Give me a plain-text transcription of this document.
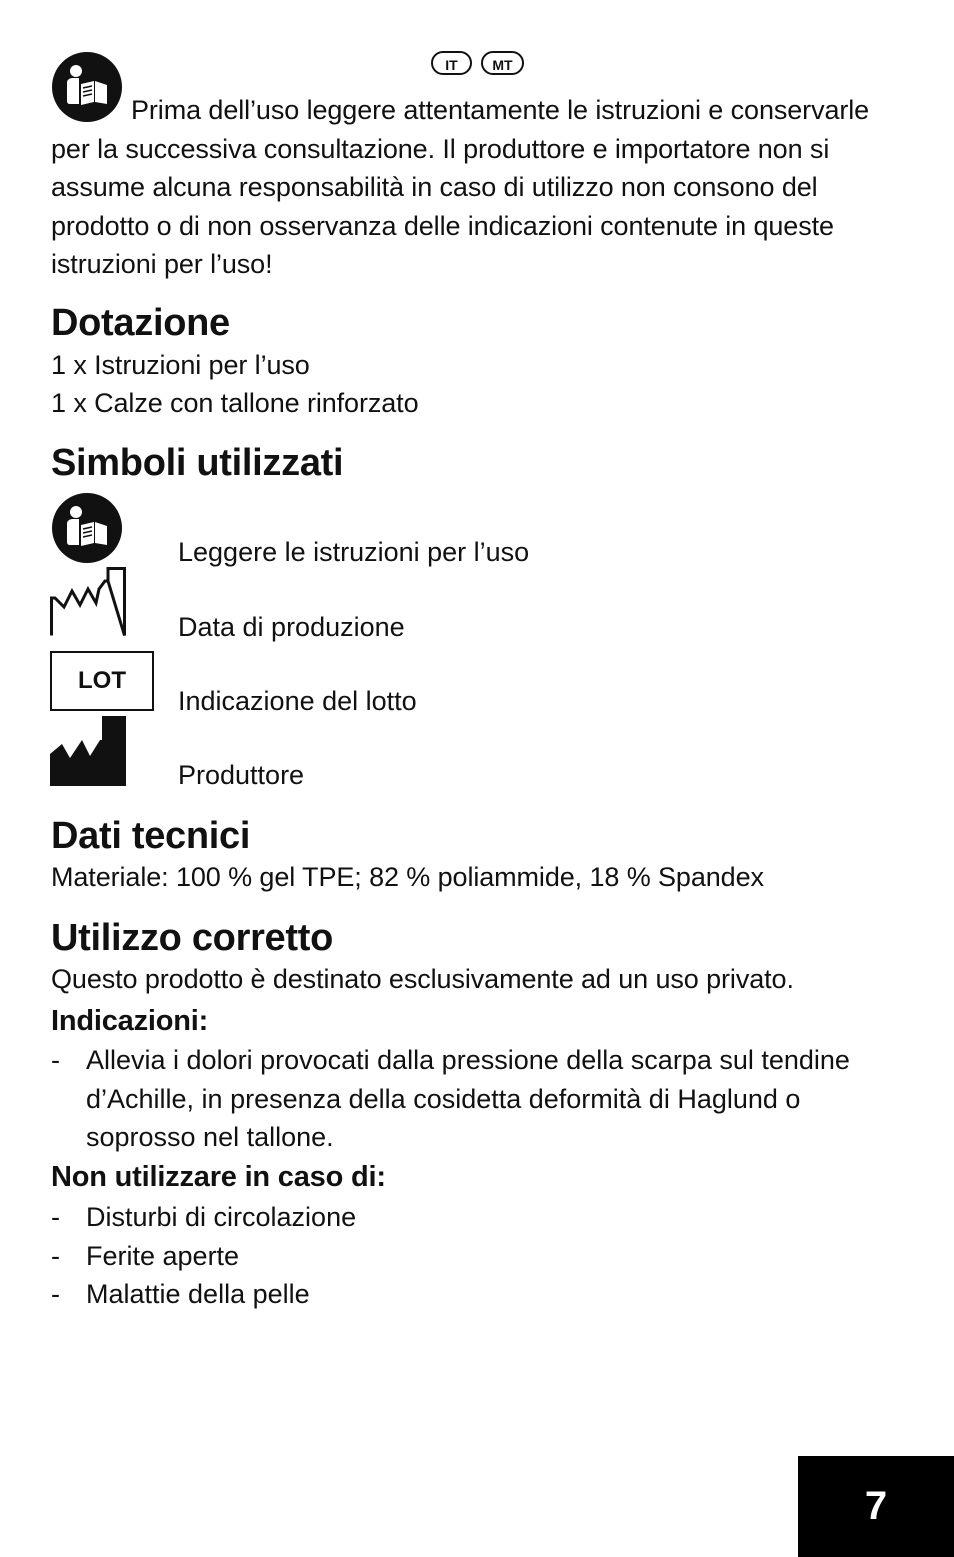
IT	MT
Prima dell’uso leggere attentamente le istruzioni e conservarle per la successiva consultazione. Il produttore e importatore non si assume alcuna responsabilità in caso di utilizzo non consono del prodotto o di non osservanza delle indicazioni contenute in queste istruzioni per l’uso!
Dotazione
1 x Istruzioni per l’uso
1 x Calze con tallone rinforzato
Simboli utilizzati
Leggere le istruzioni per l’uso
Data di produzione
LOT
Indicazione del lotto
Produttore
Dati tecnici
Materiale: 100 % gel TPE; 82 % poliammide, 18 % Spandex
Utilizzo corretto
Questo prodotto è destinato esclusivamente ad un uso privato.
Indicazioni:
- Allevia i dolori provocati dalla pressione della scarpa sul tendine d’Achille, in presenza della cosidetta deformità di Haglund o soprosso nel tallone.
Non utilizzare in caso di:
- Disturbi di circolazione
- Ferite aperte
- Malattie della pelle
7
